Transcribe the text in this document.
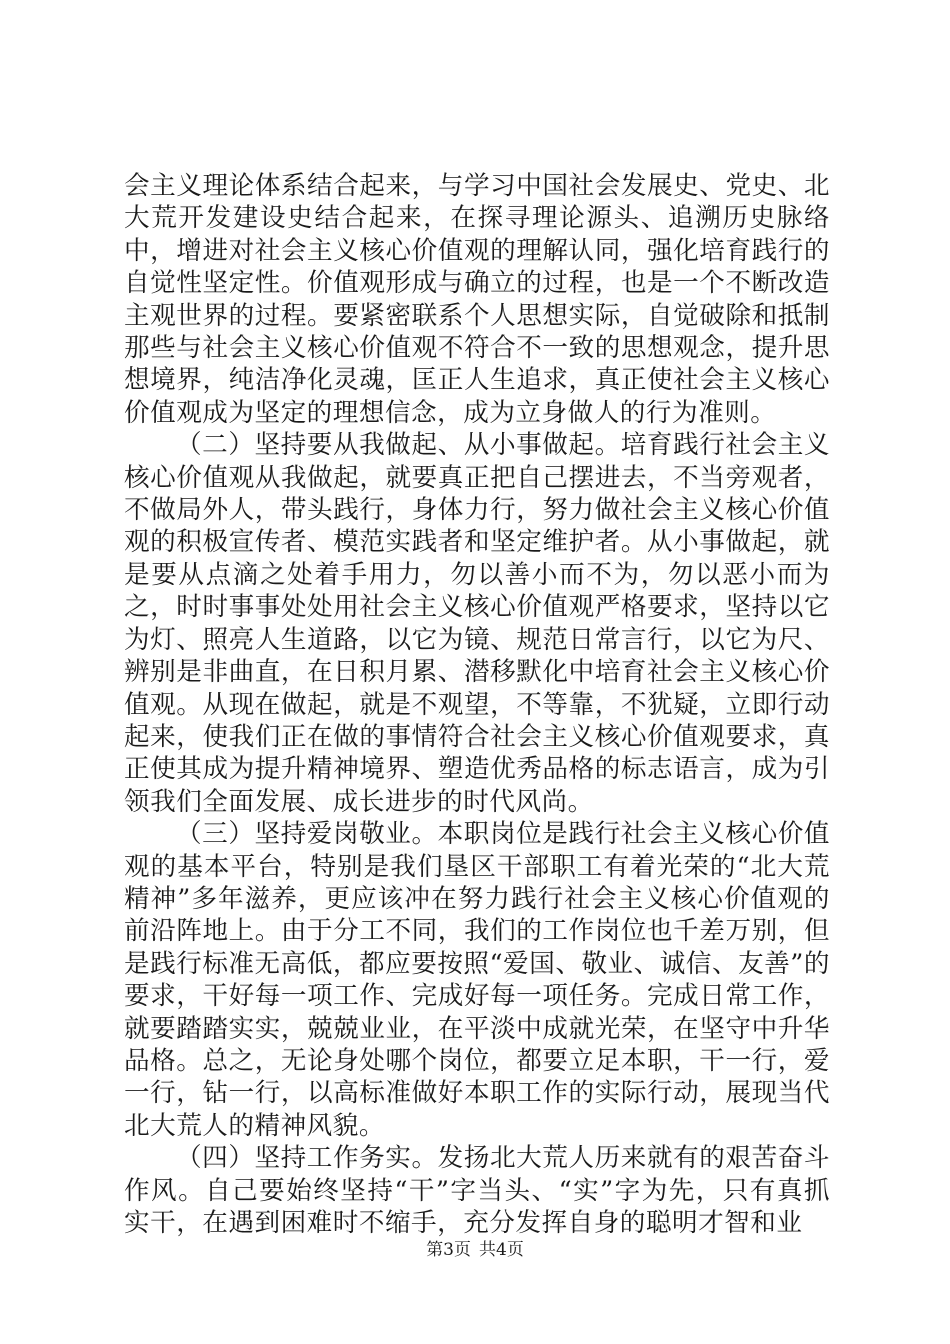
会主义理论体系结合起来，与学习中国社会发展史、党史、北大荒开发建设史结合起来，在探寻理论源头、追溯历史脉络中，增进对社会主义核心价值观的理解认同，强化培育践行的自觉性坚定性。价值观形成与确立的过程，也是一个不断改造主观世界的过程。要紧密联系个人思想实际，自觉破除和抵制那些与社会主义核心价值观不符合不一致的思想观念，提升思想境界，纯洁净化灵魂，匡正人生追求，真正使社会主义核心价值观成为坚定的理想信念，成为立身做人的行为准则。

（二）坚持要从我做起、从小事做起。培育践行社会主义核心价值观从我做起，就要真正把自己摆进去，不当旁观者，不做局外人，带头践行，身体力行，努力做社会主义核心价值观的积极宣传者、模范实践者和坚定维护者。从小事做起，就是要从点滴之处着手用力，勿以善小而不为，勿以恶小而为之，时时事事处处用社会主义核心价值观严格要求，坚持以它为灯、照亮人生道路，以它为镜、规范日常言行，以它为尺、辨别是非曲直，在日积月累、潜移默化中培育社会主义核心价值观。从现在做起，就是不观望，不等靠，不犹疑，立即行动起来，使我们正在做的事情符合社会主义核心价值观要求，真正使其成为提升精神境界、塑造优秀品格的标志语言，成为引领我们全面发展、成长进步的时代风尚。

（三）坚持爱岗敬业。本职岗位是践行社会主义核心价值观的基本平台，特别是我们垦区干部职工有着光荣的“北大荒精神”多年滋养，更应该冲在努力践行社会主义核心价值观的前沿阵地上。由于分工不同，我们的工作岗位也千差万别，但是践行标准无高低，都应要按照“爱国、敬业、诚信、友善”的要求，干好每一项工作、完成好每一项任务。完成日常工作，就要踏踏实实，兢兢业业，在平淡中成就光荣，在坚守中升华品格。总之，无论身处哪个岗位，都要立足本职，干一行，爱一行，钻一行，以高标准做好本职工作的实际行动，展现当代北大荒人的精神风貌。

（四）坚持工作务实。发扬北大荒人历来就有的艰苦奋斗作风。自己要始终坚持“干”字当头、“实”字为先，只有真抓实干，在遇到困难时不缩手，充分发挥自身的聪明才智和业

第3页 共4页
